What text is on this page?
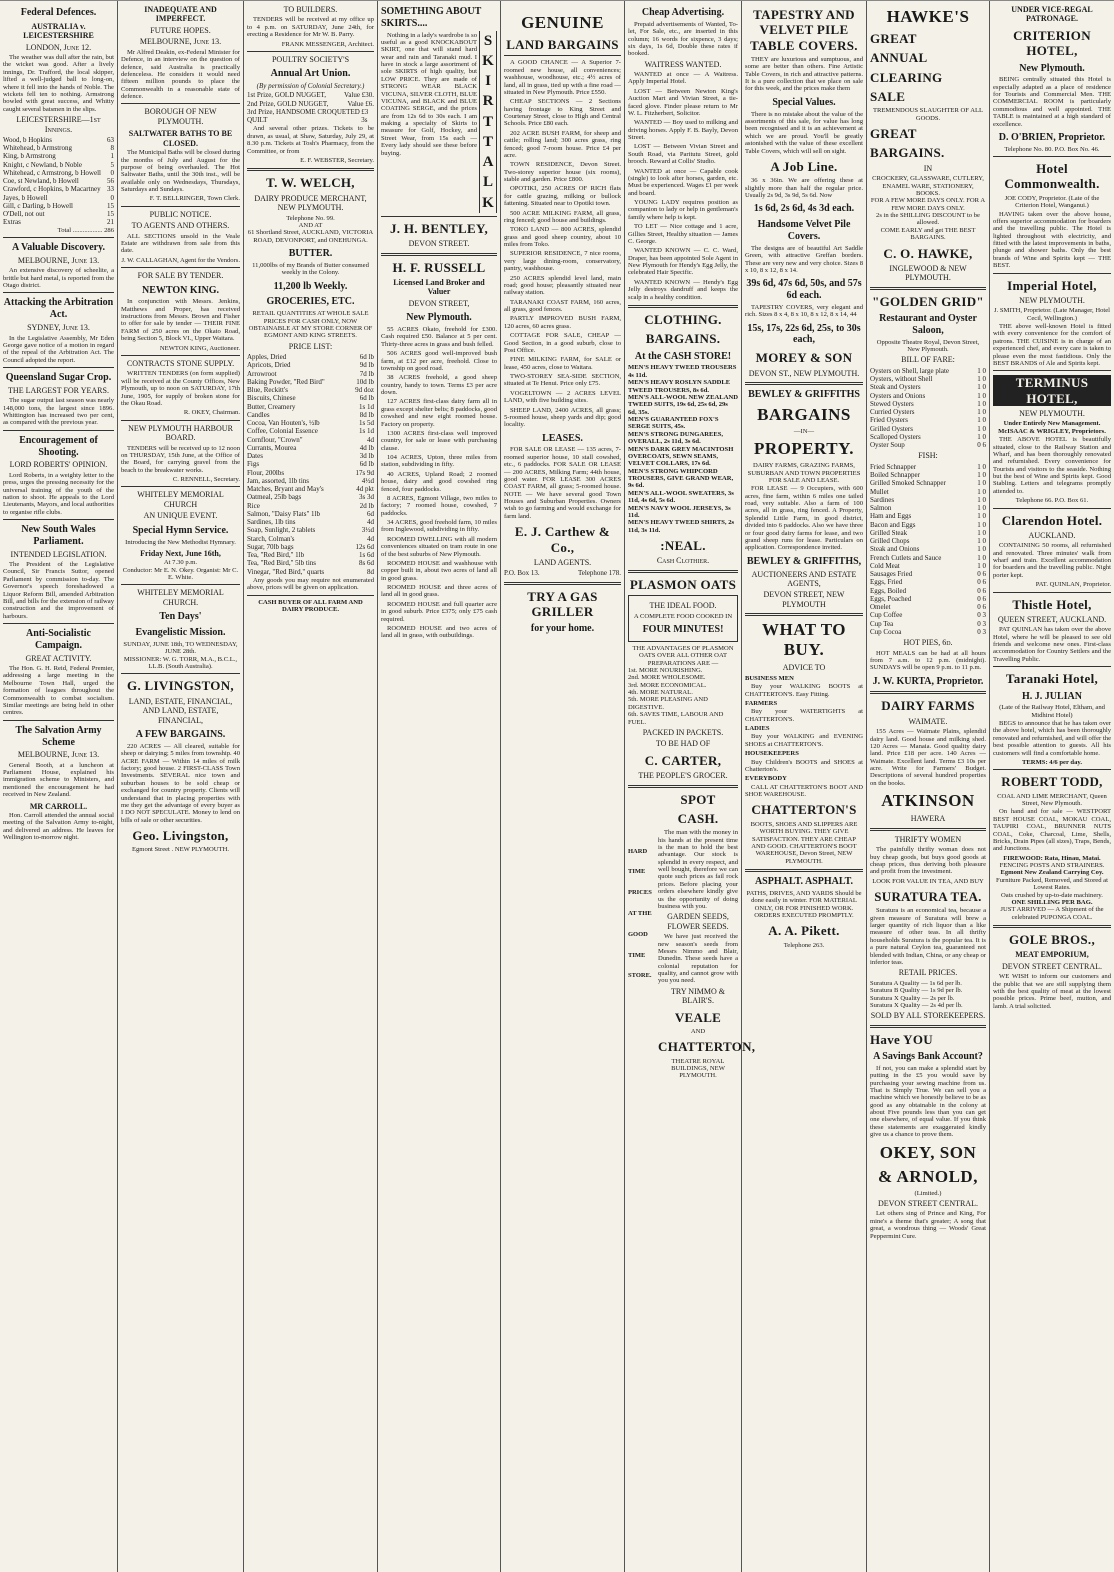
Federal Defences.
AUSTRALIA v. LEICESTERSHIRE
LONDON, June 12.
The weather was dull after the rain, but the wicket was good. After a lively innings, Dr. Trafford, the local skipper, lifted a well-judged ball to long-on, where it fell into the hands of Noble. The wickets fell ten to nothing. Armstrong bowled with great success, and Whitty caught several batsmen in the slips.
LEICESTERSHIRE—1st Innings.
Wood, b Hopkins	63
Whitehead, b Armstrong	8
King, b Armstrong	1
Knight, c Newland, b Noble	5
Whitehead, c Armstrong, b Howell 0
Coe, st Newland, b Howell	56
Crawford, c Hopkins, b Macartney 33
Jayes, b Howell	0
Gill, c Darling, b Howell	15
O'Dell, not out	15
Extras	21
Total .................. 286
A Valuable Discovery.
MELBOURNE, June 13.
An extensive discovery of scheelite, a brittle but hard metal, is reported from the Otago district.
Attacking the Arbitration Act.
SYDNEY, June 13.
In the Legislative Assembly, Mr Eden George gave notice of a motion in regard of the repeal of the Arbitration Act. The Council adopted the report.
Queensland Sugar Crop.
THE LARGEST FOR YEARS.
The sugar output last season was nearly 148,000 tons, the largest since 1896. Whittington has increased two per cent, as compared with the previous year.
Encouragement of Shooting.
LORD ROBERTS' OPINION.
Lord Roberts, in a weighty letter to the press, urges the pressing necessity for the universal training of the youth of the nation to shoot. He appeals to the Lord Lieutenants, Mayors, and local authorities to organise rifle clubs.
New South Wales Parliament.
INTENDED LEGISLATION.
The President of the Legislative Council, Sir Francis Suttor, opened Parliament by commission to-day. The Governor's speech foreshadowed a Liquor Reform Bill, amended Arbitration Bill, and bills for the extension of railway construction and the improvement of harbours.
Anti-Socialistic Campaign.
GREAT ACTIVITY.
The Hon. G. H. Reid, Federal Premier, addressing a large meeting in the Melbourne Town Hall, urged the formation of leagues throughout the Commonwealth to combat socialism. Similar meetings are being held in other centres.
The Salvation Army Scheme
MELBOURNE, June 13.
General Booth, at a luncheon at Parliament House, explained his immigration scheme to Ministers, and mentioned the encouragement he had received in New Zealand.
MR CARROLL.
Hon. Carroll attended the annual social meeting of the Salvation Army to-night, and delivered an address. He leaves for Wellington to-morrow night.
INADEQUATE AND IMPERFECT.
FUTURE HOPES.
MELBOURNE, June 13.
Mr Alfred Deakin, ex-Federal Minister for Defence, in an interview on the question of defence, said Australia is practically defenceless. He considers it would need fifteen million pounds to place the Commonwealth in a reasonable state of defence.
BOROUGH OF NEW PLYMOUTH.
SALTWATER BATHS TO BE CLOSED.
The Municipal Baths will be closed during the months of July and August for the purpose of being overhauled. The Hot Saltwater Baths, until the 30th inst., will be available only on Wednesdays, Thursdays, Saturdays and Sundays.
F. T. BELLRINGER, Town Clerk.
PUBLIC NOTICE.
TO AGENTS AND OTHERS.
ALL SECTIONS unsold in the Veale Estate are withdrawn from sale from this date.
J. W. CALLAGHAN, Agent for the Vendors.
FOR SALE BY TENDER.
NEWTON KING.
In conjunction with Messrs. Jenkins, Matthews and Proper, has received instructions from Messrs. Brown and Fisher to offer for sale by tender — THEIR FINE FARM of 250 acres on the Okato Road, being Section 5, Block VI., Upper Waitara.
NEWTON KING, Auctioneer.
CONTRACTS STONE SUPPLY.
WRITTEN TENDERS (on form supplied) will be received at the County Offices, New Plymouth, up to noon on SATURDAY, 17th June, 1905, for supply of broken stone for the Okau Road.
R. OKEY, Chairman.
NEW PLYMOUTH HARBOUR BOARD.
TENDERS will be received up to 12 noon on THURSDAY, 15th June, at the Office of the Board, for carrying gravel from the beach to the breakwater works.
C. RENNELL, Secretary.
WHITELEY MEMORIAL CHURCH
AN UNIQUE EVENT.
Special Hymn Service.
Introducing the New Methodist Hymnary.
Friday Next, June 16th,
At 7.30 p.m.
Conductor: Mr E. N. Okey. Organist: Mr C. E. White.
WHITELEY MEMORIAL CHURCH.
Ten Days'
Evangelistic Mission.
SUNDAY, JUNE 18th, TO WEDNESDAY, JUNE 28th.
MISSIONER: W. G. TORR, M.A., B.C.L., LL.B. (South Australia).
G. LIVINGSTON,
LAND, ESTATE, FINANCIAL, AND LAND, ESTATE, FINANCIAL,
A FEW BARGAINS.
220 ACRES — All cleared, suitable for sheep or dairying; 5 miles from township. 40 ACRE FARM — Within 14 miles of milk factory; good house. 2 FIRST-CLASS Town Investments. SEVERAL nice town and suburban houses to be sold cheap or exchanged for country property. Clients will understand that in placing properties with me they get the advantage of every buyer as I DO NOT SPECULATE. Money to lend on bills of sale or other securities.
Geo. Livingston,
Egmont Street . NEW PLYMOUTH.
TO BUILDERS.
TENDERS will be received at my office up to 4 p.m. on SATURDAY, June 24th, for erecting a Residence for Mr W. B. Parry.
FRANK MESSENGER, Architect.
POULTRY SOCIETY'S
Annual Art Union.
(By permission of Colonial Secretary.)
1st Prize, GOLD NUGGET,	Value £30.
2nd Prize, GOLD NUGGET,	Value £6.
3rd Prize, HANDSOME CROQUETED QUILT
£3 3s
And several other prizes. Tickets to be drawn, as usual, at Shaw, Saturday, July 29, at 8.30 p.m. Tickets at Tosh's Pharmacy, from the Committee, or from
E. F. WEBSTER, Secretary.
T. W. WELCH,
DAIRY PRODUCE MERCHANT, NEW PLYMOUTH.
Telephone No. 99.
AND AT
61 Shortland Street, AUCKLAND, VICTORIA ROAD, DEVONPORT, and ONEHUNGA.
BUTTER.
11,000lbs of my Brands of Butter consumed weekly in the Colony.
11,200 lb Weekly.
GROCERIES, ETC.
RETAIL QUANTITIES AT WHOLE SALE PRICES FOR CASH ONLY, NOW OBTAINABLE AT MY STORE CORNER OF EGMONT AND KING STREETS.
PRICE LIST:
Apples, Dried	6d lb
Apricots, Dried	9d lb
Arrowroot	7d lb
Baking Powder, "Red Bird"	10d lb
Blue, Reckitt's	9d doz
Biscuits, Chinese	6d lb
Butter, Creamery	1s 1d
Candles	8d lb
Cocoa, Van Houten's, ½lb	1s 5d
Coffee, Colonial Essence	1s 1d
Cornflour, "Crown"	4d
Currants, Mourea	4d lb
Dates	3d lb
Figs	6d lb
Flour, 200lbs	17s 9d
Jam, assorted, 1lb tins	4½d
Matches, Bryant and May's	4d pkt
Oatmeal, 25lb bags	3s 3d
Rice	2d lb
Salmon, "Daisy Flats" 1lb	6d
Sardines, 1lb tins	4d
Soap, Sunlight, 2 tablets	3½d
Starch, Colman's	4d
Sugar, 70lb bags	12s 6d
Tea, "Red Bird," 1lb	1s 6d
Tea, "Red Bird," 5lb tins	8s 6d
Vinegar, "Red Bird," quarts	8d
Any goods you may require not enumerated above, prices will be given on application.
CASH BUYER OF ALL FARM AND DAIRY PRODUCE.
SOMETHING ABOUT SKIRTS....
Nothing in a lady's wardrobe is so useful as a good KNOCKABOUT SKIRT, one that will stand hard wear and rain and Taranaki mud. I have in stock a large assortment of sole SKIRTS of high quality, but LOW PRICE. They are made of STRONG WEAR BLACK VICUNA, SILVER CLOTH, BLUE VICUNA, and BLACK and BLUE COATING SERGE, and the prices are from 12s 6d to 30s each. I am making a specialty of Skirts to measure for Golf, Hockey, and Street Wear, from 15s each — Every lady should see these before buying.
S
K
I
R
T
T
A
L
K
J. H. BENTLEY,
DEVON STREET.
H. F. RUSSELL
Licensed Land Broker and Valuer
DEVON STREET,
New Plymouth.
55 ACRES Okato, freehold for £300. Cash required £50. Balance at 5 per cent. Thirty-three acres in grass and bush felled.
506 ACRES good well-improved bush farm, at £12 per acre, freehold. Close to township on good road.
38 ACRES freehold, a good sheep country, handy to town. Terms £3 per acre down.
127 ACRES first-class dairy farm all in grass except shelter belts; 8 paddocks, good cowshed and new eight roomed house. Factory on property.
1300 ACRES first-class well improved country, for sale or lease with purchasing clause.
104 ACRES, Upton, three miles from station, subdividing in fifty.
40 ACRES, Upland Road; 2 roomed house, dairy and good cowshed ring fenced, four paddocks.
8 ACRES, Egmont Village, two miles to factory; 7 roomed house, cowshed, 7 paddocks.
34 ACRES, good freehold farm, 10 miles from Inglewood, subdividing in fifty.
ROOMED DWELLING with all modern conveniences situated on tram route in one of the best suburbs of New Plymouth.
ROOMED HOUSE and washhouse with copper built in, about two acres of land all in good grass.
ROOMED HOUSE and three acres of land all in good grass.
ROOMED HOUSE and full quarter acre in good suburb. Price £375; only £75 cash required.
ROOMED HOUSE and two acres of land all in grass, with outbuildings.
GENUINE
LAND BARGAINS
A GOOD CHANCE — A Superior 7-roomed new house, all conveniences; washhouse, woodhouse, etc.; 4½ acres of land, all in grass, tied up with a fine road — situated in New Plymouth. Price £550.
CHEAP SECTIONS — 2 Sections having frontage to King Street and Courtenay Street, close to High and Central Schools. Price £80 each.
202 ACRE BUSH FARM, for sheep and cattle; rolling land; 300 acres grass, ring fenced; good 7-room house. Price £4 per acre.
TOWN RESIDENCE, Devon Street. Two-storey superior house (six rooms), stable and garden. Price £800.
OPOTIKI, 250 ACRES OF RICH flats for cattle grazing, milking or bullock fattening. Situated near to Opotiki town.
500 ACRE MILKING FARM, all grass, ring fenced; good house and buildings.
TOKO LAND — 800 ACRES, splendid grass and good sheep country, about 10 miles from Toko.
SUPERIOR RESIDENCE, 7 nice rooms, very large dining-room, conservatory, pantry, washhouse.
250 ACRES splendid level land, main road; good house; pleasantly situated near railway station.
TARANAKI COAST FARM, 160 acres, all grass, good fences.
PARTLY IMPROVED BUSH FARM, 120 acres, 60 acres grass.
COTTAGE FOR SALE, CHEAP — Good Section, in a good suburb, close to Post Office.
FINE MILKING FARM, for SALE or lease, 450 acres, close to Waitara.
TWO-STOREY SEA-SIDE SECTION, situated at Te Henui. Price only £75.
VOGELTOWN — 2 ACRES LEVEL LAND, with five building sites.
SHEEP LAND, 2400 ACRES, all grass; 5-roomed house, sheep yards and dip; good locality.
LEASES.
FOR SALE OR LEASE — 135 acres, 7-roomed superior house, 10 stall cowshed, etc., 6 paddocks. FOR SALE OR LEASE — 200 ACRES, Milking Farm; 44th house, good water. FOR LEASE 300 ACRES COAST FARM, all grass; 5-roomed house. NOTE — We have several good Town Houses and Suburban Properties. Owners wish to go farming and would exchange for farm land.
E. J. Carthew & Co.,
LAND AGENTS.
P.O. Box 13.	Telephone 178.
TRY A GAS GRILLER
for your home.
Cheap Advertising.
Prepaid advertisements of Wanted, To-let, For Sale, etc., are inserted in this column; 16 words for sixpence, 3 days; six days, 1s 6d, Double these rates if booked.
WAITRESS WANTED.
WANTED at once — A Waitress. Apply Imperial Hotel.
LOST — Between Newton King's Auction Mart and Vivian Street, a tie-faced glove. Finder please return to Mr W. L. Fitzherbert, Solicitor.
WANTED — Boy used to milking and driving horses. Apply F. B. Bayly, Devon Street.
LOST — Between Vivian Street and South Road, via Paritutu Street, gold brooch. Reward at Collis' Studio.
WANTED at once — Capable cook (single) to look after horses, garden, etc. Must be experienced. Wages £1 per week and board.
YOUNG LADY requires position as companion to lady or help in gentleman's family where help is kept.
TO LET — Nice cottage and 1 acre, Gillies Street, Healthy situation — James C. George.
WANTED KNOWN — C. C. Ward, Draper, has been appointed Sole Agent in New Plymouth for Hendy's Egg Jelly, the celebrated Hair Specific.
WANTED KNOWN — Hendy's Egg Jelly destroys dandruff and keeps the scalp in a healthy condition.
CLOTHING.
BARGAINS.
At the CASH STORE!
MEN'S HEAVY TWEED TROUSERS 4s 11d.
MEN'S HEAVY ROSLYN SADDLE TWEED TROUSERS, 8s 6d.
MEN'S ALL-WOOL NEW ZEALAND TWEED SUITS, 19s 6d, 25s 6d, 29s 6d, 35s.
MEN'S GUARANTEED FOX'S SERGE SUITS, 45s.
MEN'S STRONG DUNGAREES, OVERALL, 2s 11d, 3s 6d.
MEN'S DARK GREY MACINTOSH OVERCOATS, SEWN SEAMS, VELVET COLLARS, 17s 6d.
MEN'S STRONG WHIPCORD TROUSERS, GIVE GRAND WEAR, 9s 6d.
MEN'S ALL-WOOL SWEATERS, 3s 11d, 4s 6d, 5s 6d.
MEN'S NAVY WOOL JERSEYS, 3s 11d.
MEN'S HEAVY TWEED SHIRTS, 2s 11d, 3s 11d.
:NEAL.
Cash Clothier.
PLASMON OATS
THE IDEAL FOOD.
A COMPLETE FOOD COOKED IN
FOUR MINUTES!
THE ADVANTAGES OF PLASMON OATS OVER ALL OTHER OAT PREPARATIONS ARE —
1st. MORE NOURISHING.
2nd. MORE WHOLESOME.
3rd. MORE ECONOMICAL.
4th. MORE NATURAL.
5th. MORE PLEASING AND DIGESTIVE.
6th. SAVES TIME, LABOUR AND FUEL.
PACKED IN PACKETS.
TO BE HAD OF
C. CARTER,
THE PEOPLE'S GROCER.
HARD
TIME
PRICES
AT THE
GOOD
TIME
STORE.
SPOT
CASH.
The man with the money in his hands at the present time is the man to hold the best advantage. Our stock is splendid in every respect, and well bought, therefore we can quote such prices as fail rock prices. Before placing your orders elsewhere kindly give us the opportunity of doing business with you.
GARDEN SEEDS, FLOWER SEEDS.
We have just received the new season's seeds from Messrs Nimmo and Blair, Dunedin. These seeds have a colonial reputation for quality, and cannot grow with you you need.
TRY NIMMO & BLAIR'S.
VEALE
AND
CHATTERTON,
THEATRE ROYAL BUILDINGS, NEW PLYMOUTH.
TAPESTRY AND VELVET PILE TABLE COVERS.
THEY are luxurious and sumptuous, and some are better than others. Fine Artistic Table Covers, in rich and attractive patterns. It is a pure collection that we place on sale for this week, and the prices make them
Special Values.
There is no mistake about the value of the assortments of this sale, for value has long been recognised and it is an achievement at which we are proud. You'll be greatly astonished with the value of these excellent Table Covers, which will sell on sight.
A Job Line.
36 x 36in. We are offering these at slightly more than half the regular price. Usually 2s 9d, 3s 9d, 5s 6d. Now
1s 6d, 2s 6d, 4s 3d each.
Handsome Velvet Pile Covers.
The designs are of beautiful Art Saddle Green, with attractive Greffan borders. These are very new and very choice. Sizes 8 x 10, 8 x 12, 8 x 14.
39s 6d, 47s 6d, 50s, and 57s 6d each.
TAPESTRY COVERS, very elegant and rich. Sizes 8 x 4, 8 x 10, 8 x 12, 8 x 14, 44
15s, 17s, 22s 6d, 25s, to 30s each,
MOREY & SON
DEVON ST., NEW PLYMOUTH.
BEWLEY & GRIFFITHS
BARGAINS
—IN—
PROPERTY.
DAIRY FARMS, GRAZING FARMS, SUBURBAN AND TOWN PROPERTIES FOR SALE AND LEASE.
FOR LEASE — 9 Occupiers, with 600 acres, fine farm, within 6 miles one tailed road, very suitable. Also a farm of 100 acres, all in grass, ring fenced. A Property, Splendid Little Farm, in good district, divided into 6 paddocks. Also we have three or four good dairy farms for lease, and two grand sheep runs for lease. Particulars on application. Correspondence invited.
BEWLEY & GRIFFITHS,
AUCTIONEERS AND ESTATE AGENTS,
DEVON STREET, NEW PLYMOUTH
WHAT TO BUY.
ADVICE TO
BUSINESS MEN
Buy your WALKING BOOTS at CHATTERTON'S. Easy Fitting.
FARMERS
Buy your WATERTIGHTS at CHATTERTON'S.
LADIES
Buy your WALKING and EVENING SHOES at CHATTERTON'S.
HOUSEKEEPERS
Buy Children's BOOTS and SHOES at Chatterton's.
EVERYBODY
CALL AT CHATTERTON'S BOOT AND SHOE WAREHOUSE.
CHATTERTON'S
BOOTS, SHOES AND SLIPPERS ARE WORTH BUYING. THEY GIVE SATISFACTION. THEY ARE CHEAP AND GOOD. CHATTERTON'S BOOT WAREHOUSE, Devon Street, NEW PLYMOUTH.
ASPHALT. ASPHALT.
PATHS, DRIVES, AND YARDS Should be done easily in winter. FOR MATERIAL ONLY, OR FOR FINISHED WORK. ORDERS EXECUTED PROMPTLY.
A. A. Pikett.
Telephone 263.
HAWKE'S
GREAT
ANNUAL
CLEARING
SALE
TREMENDOUS SLAUGHTER OF ALL GOODS.
GREAT
BARGAINS.
IN
CROCKERY, GLASSWARE, CUTLERY, ENAMEL WARE, STATIONERY, BOOKS.
FOR A FEW MORE DAYS ONLY. FOR A FEW MORE DAYS ONLY.
2s in the SHILLING DISCOUNT to be allowed.
COME EARLY and get THE BEST BARGAINS.
C. O. HAWKE,
INGLEWOOD & NEW PLYMOUTH.
"GOLDEN GRID"
Restaurant and Oyster Saloon,
Opposite Theatre Royal, Devon Street, New Plymouth.
BILL OF FARE:
Oysters on Shell, large plate	1 0
Oysters, without Shell	1 0
Steak and Oysters	1 0
Oysters and Onions	1 0
Stewed Oysters	1 0
Curried Oysters	1 0
Fried Oysters	1 0
Grilled Oysters	1 0
Scalloped Oysters	1 0
Oyster Soup	0 6
FISH:
Fried Schnapper	1 0
Boiled Schnapper	1 0
Grilled Smoked Schnapper	1 0
Mullet	1 0
Sardines	1 0
Salmon	1 0
Ham and Eggs	1 0
Bacon and Eggs	1 0
Grilled Steak	1 0
Grilled Chops	1 0
Steak and Onions	1 0
French Cutlets and Sauce	1 0
Cold Meat	1 0
Sausages Fried	0 6
Eggs, Fried	0 6
Eggs, Boiled	0 6
Eggs, Poached	0 6
Omelet	0 6
Cup Coffee	0 3
Cup Tea	0 3
Cup Cocoa	0 3
HOT PIES, 6d.
HOT MEALS can be had at all hours from 7 a.m. to 12 p.m. (midnight). SUNDAYS will be open 9 p.m. to 11 p.m.
J. W. KURTA, Proprietor.
DAIRY FARMS
WAIMATE.
155 Acres — Waimate Plains, splendid dairy land. Good house and milking shed. 120 Acres — Manaia. Good quality dairy land. Price £18 per acre. 140 Acres — Waimate. Excellent land. Terms £3 10s per acre. Write for Farmers' Budget. Descriptions of several hundred properties on the books.
ATKINSON
HAWERA
THRIFTY WOMEN
The painfully thrifty woman does not buy cheap goods, but buys good goods at cheap prices, thus deriving both pleasure and profit from the investment.
LOOK FOR VALUE IN TEA, AND BUY
SURATURA TEA.
Suratura is an economical tea, because a given measure of Suratura will brew a larger quantity of rich liquor than a like measure of other teas. In all thrifty households Suratura is the popular tea. It is a pure natural Ceylon tea, guaranteed not blended with Indian, China, or any cheap or inferior teas.
RETAIL PRICES.
Suratura A Quality — 1s 6d per lb.
Suratura B Quality — 1s 9d per lb.
Suratura X Quality — 2s per lb.
Suratura X Quality — 2s 4d per lb.
SOLD BY ALL STOREKEEPERS.
Have YOU
A Savings Bank Account?
If not, you can make a splendid start by putting in the £5 you would save by purchasing your sewing machine from us. That is Simply True. We can sell you a machine which we honestly believe to be as good as any obtainable in the colony at about Five pounds less than you can get one elsewhere, of equal value. If you think these statements are exaggerated kindly give us a chance to prove them.
OKEY, SON
& ARNOLD,
(Limited.)
DEVON STREET CENTRAL.
Let others sing of Prince and King, For mine's a theme that's greater; A song that great, a wondrous thing — Woods' Great Peppermint Cure.
UNDER VICE-REGAL PATRONAGE.
CRITERION HOTEL,
New Plymouth.
BEING centrally situated this Hotel is especially adapted as a place of residence for Tourists and Commercial Men. THE COMMERCIAL ROOM is particularly commodious and well appointed. THE TABLE is maintained at a high standard of excellence.
D. O'BRIEN, Proprietor.
Telephone No. 80. P.O. Box No. 46.
Hotel Commonwealth.
JOE CODY, Proprietor. (Late of the Criterion Hotel, Wanganui.)
HAVING taken over the above house, offers superior accommodation for boarders and the travelling public. The Hotel is lighted throughout with electricity, and fitted with the latest improvements in baths, plunge and shower baths. Only the best brands of Wine and Spirits kept — THE BEST.
Imperial Hotel,
NEW PLYMOUTH.
J. SMITH, Proprietor. (Late Manager, Hotel Cecil, Wellington.)
THE above well-known Hotel is fitted with every convenience for the comfort of patrons. THE CUISINE is in charge of an experienced chef, and every care is taken to please even the most fastidious. Only the BEST BRANDS of Ale and Spirits kept.
TERMINUS HOTEL,
NEW PLYMOUTH.
Under Entirely New Management.
McISAAC & WRIGLEY, Proprietors.
THE ABOVE HOTEL is beautifully situated, close to the Railway Station and Wharf, and has been thoroughly renovated and refurnished. Every convenience for Tourists and visitors to the seaside. Nothing but the best of Wine and Spirits kept. Good Stabling. Letters and telegrams promptly attended to.
Telephone 66. P.O. Box 61.
Clarendon Hotel.
AUCKLAND.
CONTAINING 50 rooms, all refurnished and renovated. Three minutes' walk from wharf and train. Excellent accommodation for boarders and the travelling public. Night porter kept.
PAT. QUINLAN, Proprietor.
Thistle Hotel,
QUEEN STREET, AUCKLAND.
PAT QUINLAN has taken over the above Hotel, where he will be pleased to see old friends and welcome new ones. First-class accommodation for Country Settlers and the Travelling Public.
Taranaki Hotel,
H. J. JULIAN
(Late of the Railway Hotel, Eltham, and Midhirst Hotel)
BEGS to announce that he has taken over the above hotel, which has been thoroughly renovated and refurnished, and will offer the best possible attention to guests. All his customers will find a comfortable home.
TERMS: 4/6 per day.
ROBERT TODD,
COAL AND LIME MERCHANT, Queen Street, New Plymouth.
On hand and for sale — WESTPORT BEST HOUSE COAL, MOKAU COAL, TAUPIRI COAL, BRUNNER NUTS COAL, Coke, Charcoal, Lime, Shells, Bricks, Drain Pipes (all sizes), Traps, Bends, and Junctions.
FIREWOOD: Rata, Hinau, Matai.
FENCING POSTS AND STRAINERS.
Egmont New Zealand Carrying Coy.
Furniture Packed, Removed, and Stored at Lowest Rates.
Oats crushed by up-to-date machinery.
ONE SHILLING PER BAG.
JUST ARRIVED — A Shipment of the celebrated PUPONGA COAL.
GOLE BROS.,
MEAT EMPORIUM,
DEVON STREET CENTRAL.
WE WISH to inform our customers and the public that we are still supplying them with the best quality of meat at the lowest possible prices. Prime beef, mutton, and lamb. A trial solicited.
